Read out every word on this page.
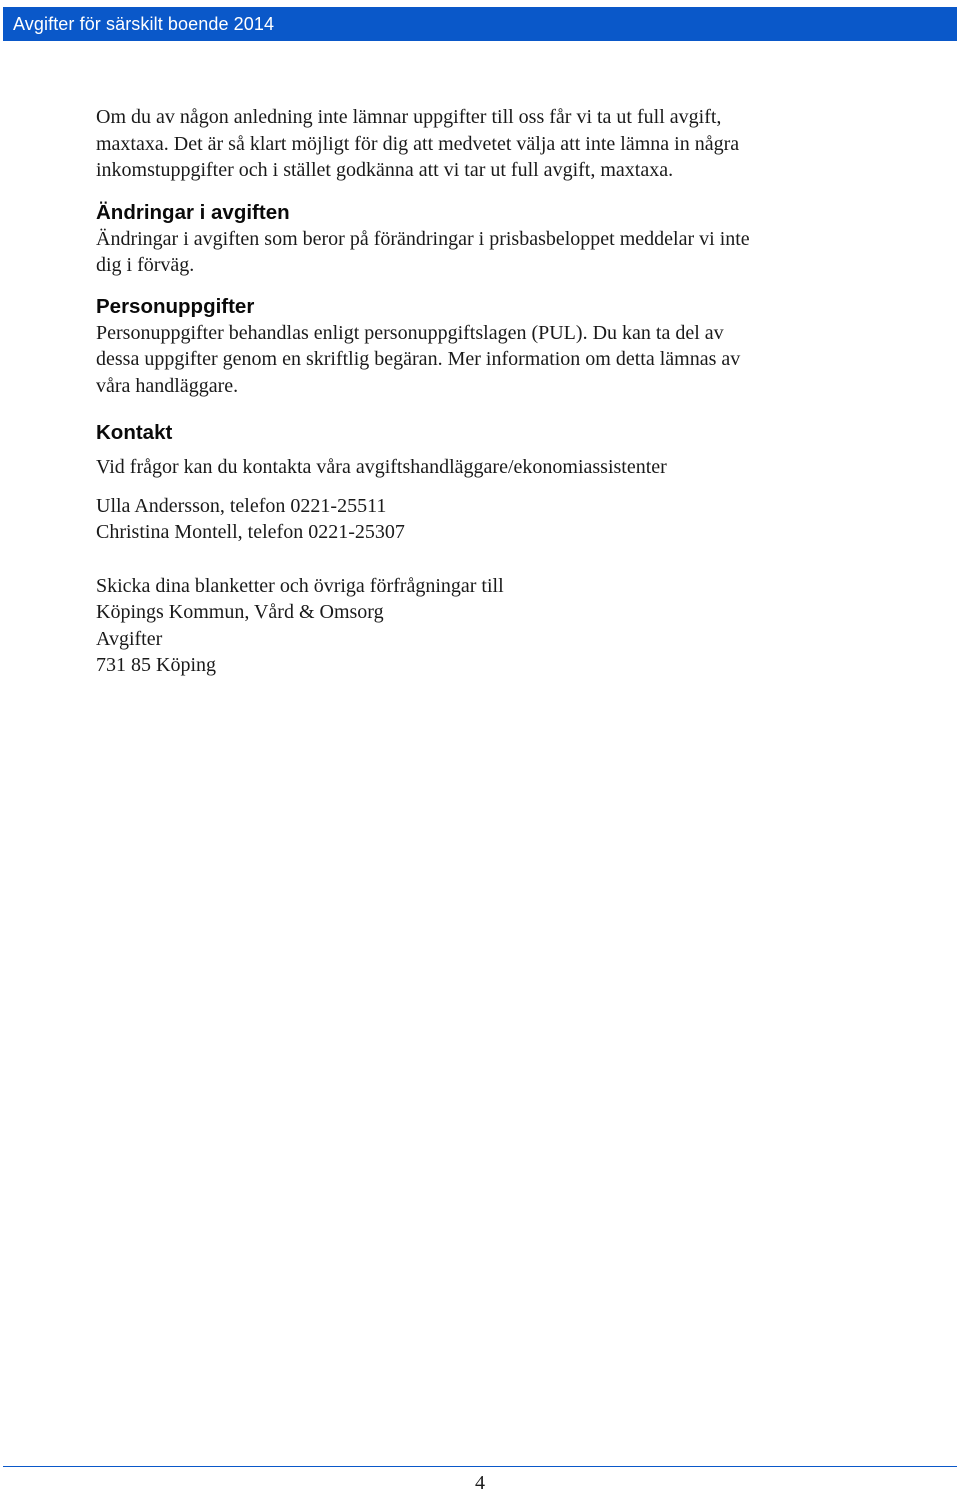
Avgifter för särskilt boende 2014

Om du av någon anledning inte lämnar uppgifter till oss får vi ta ut full avgift,

maxtaxa. Det är så klart möjligt för dig att medvetet välja att inte lämna in några

inkomstuppgifter och i stället godkänna att vi tar ut full avgift, maxtaxa.

Ändringar i avgiften

Ändringar i avgiften som beror på förändringar i prisbasbeloppet meddelar vi inte

dig i förväg.

Personuppgifter

Personuppgifter behandlas enligt personuppgiftslagen (PUL). Du kan ta del av

dessa uppgifter genom en skriftlig begäran. Mer information om detta lämnas av

våra handläggare.

Kontakt

Vid frågor kan du kontakta våra avgiftshandläggare/ekonomiassistenter

Ulla Andersson, telefon 0221-25511

Christina Montell, telefon 0221-25307

Skicka dina blanketter och övriga förfrågningar till

Köpings Kommun, Vård & Omsorg

Avgifter

731 85 Köping

4
